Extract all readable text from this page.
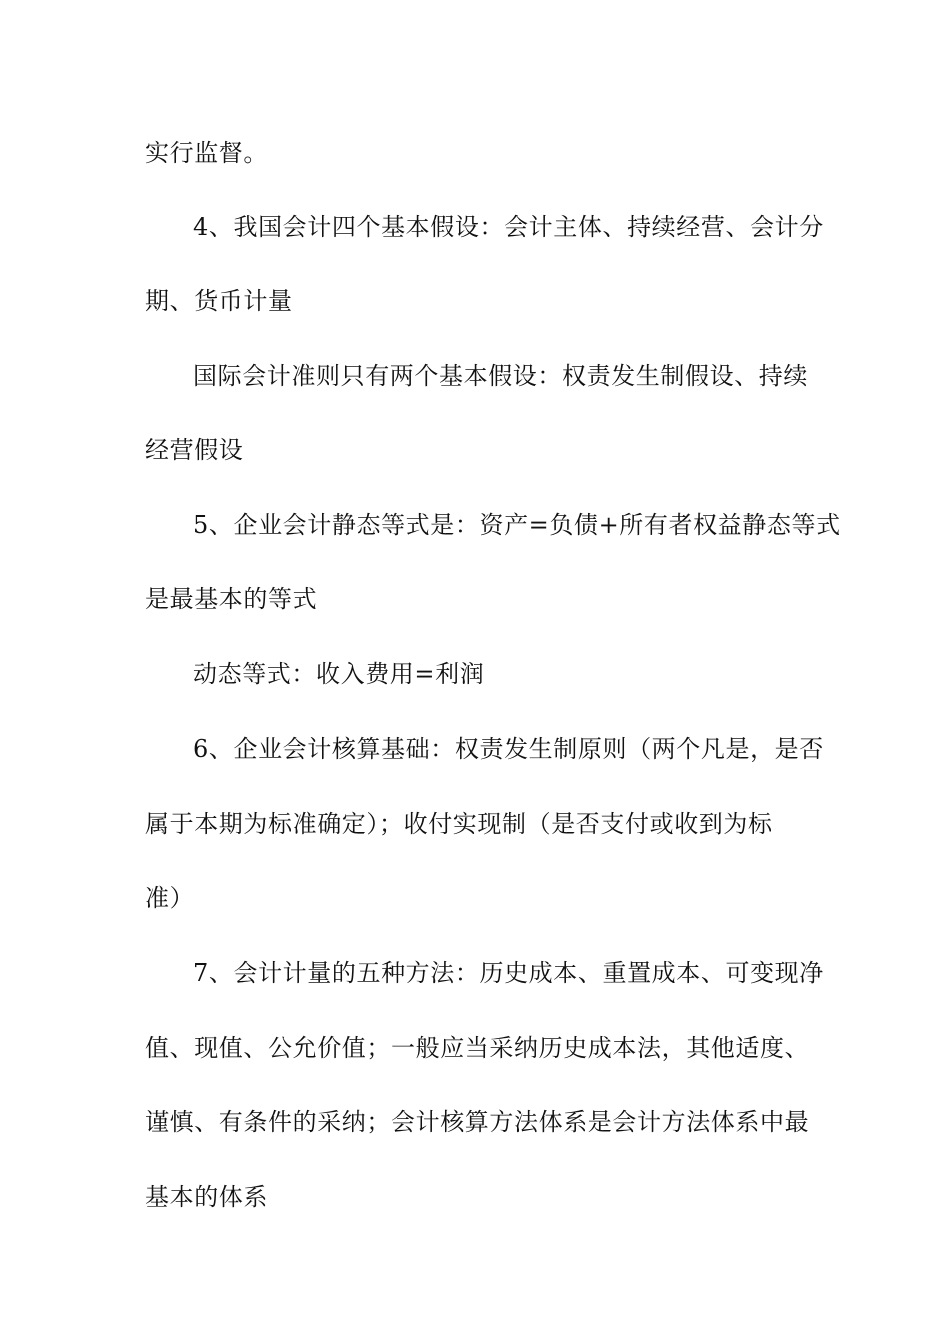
实行监督。
4、我国会计四个基本假设：会计主体、持续经营、会计分
期、货币计量
国际会计准则只有两个基本假设：权责发生制假设、持续
经营假设
5、企业会计静态等式是：资产=负债+所有者权益静态等式
是最基本的等式
动态等式：收入费用=利润
6、企业会计核算基础：权责发生制原则（两个凡是，是否
属于本期为标准确定）；收付实现制（是否支付或收到为标
准）
7、会计计量的五种方法：历史成本、重置成本、可变现净
值、现值、公允价值；一般应当采纳历史成本法，其他适度、
谨慎、有条件的采纳；会计核算方法体系是会计方法体系中最
基本的体系
